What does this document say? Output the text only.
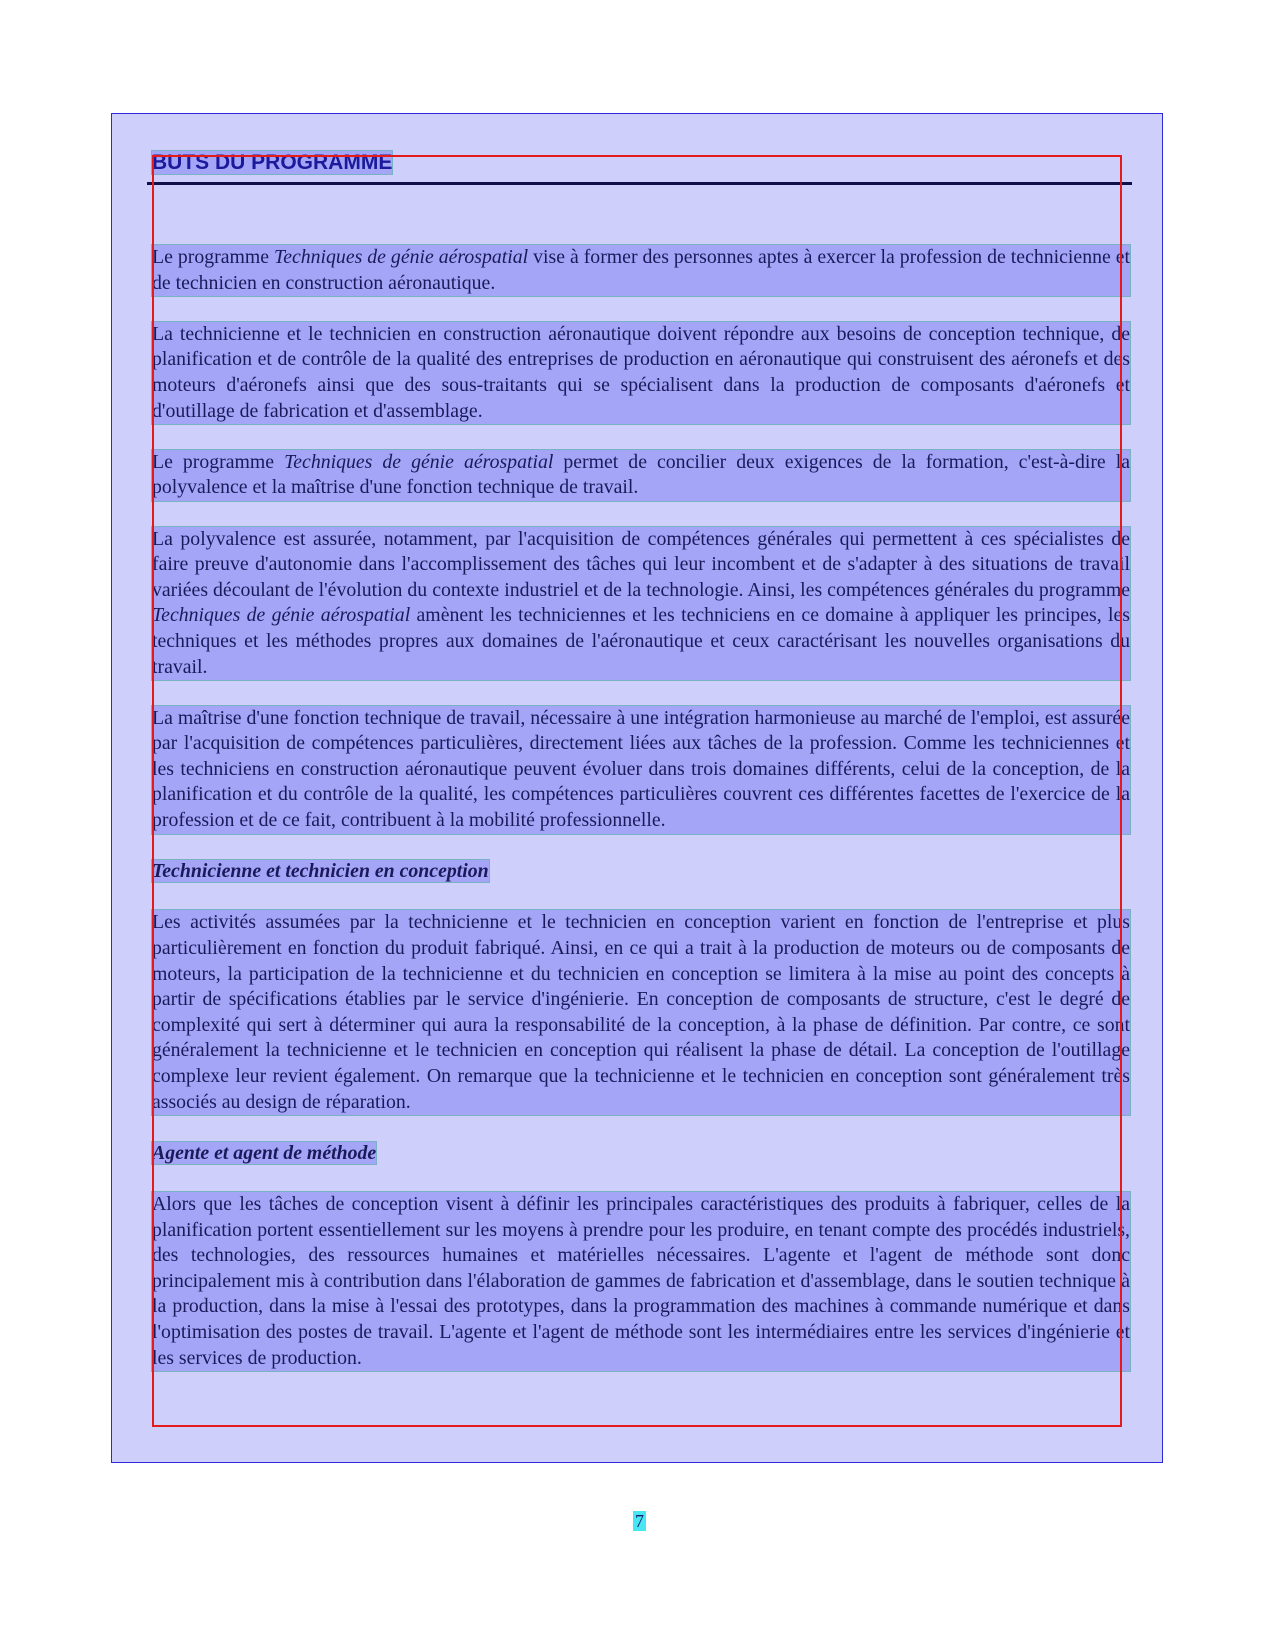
BUTS DU PROGRAMME

Le programme Techniques de génie aérospatial vise à former des personnes aptes à exercer la profession de technicienne et de technicien en construction aéronautique.

La technicienne et le technicien en construction aéronautique doivent répondre aux besoins de conception technique, de planification et de contrôle de la qualité des entreprises de production en aéronautique qui construisent des aéronefs et des moteurs d'aéronefs ainsi que des sous-traitants qui se spécialisent dans la production de composants d'aéronefs et d'outillage de fabrication et d'assemblage.

Le programme Techniques de génie aérospatial permet de concilier deux exigences de la formation, c'est-à-dire la polyvalence et la maîtrise d'une fonction technique de travail.

La polyvalence est assurée, notamment, par l'acquisition de compétences générales qui permettent à ces spécialistes de faire preuve d'autonomie dans l'accomplissement des tâches qui leur incombent et de s'adapter à des situations de travail variées découlant de l'évolution du contexte industriel et de la technologie. Ainsi, les compétences générales du programme Techniques de génie aérospatial amènent les techniciennes et les techniciens en ce domaine à appliquer les principes, les techniques et les méthodes propres aux domaines de l'aéronautique et ceux caractérisant les nouvelles organisations du travail.

La maîtrise d'une fonction technique de travail, nécessaire à une intégration harmonieuse au marché de l'emploi, est assurée par l'acquisition de compétences particulières, directement liées aux tâches de la profession. Comme les techniciennes et les techniciens en construction aéronautique peuvent évoluer dans trois domaines différents, celui de la conception, de la planification et du contrôle de la qualité, les compétences particulières couvrent ces différentes facettes de l'exercice de la profession et de ce fait, contribuent à la mobilité professionnelle.

Technicienne et technicien en conception

Les activités assumées par la technicienne et le technicien en conception varient en fonction de l'entreprise et plus particulièrement en fonction du produit fabriqué. Ainsi, en ce qui a trait à la production de moteurs ou de composants de moteurs, la participation de la technicienne et du technicien en conception se limitera à la mise au point des concepts à partir de spécifications établies par le service d'ingénierie. En conception de composants de structure, c'est le degré de complexité qui sert à déterminer qui aura la responsabilité de la conception, à la phase de définition. Par contre, ce sont généralement la technicienne et le technicien en conception qui réalisent la phase de détail. La conception de l'outillage complexe leur revient également. On remarque que la technicienne et le technicien en conception sont généralement très associés au design de réparation.

Agente et agent de méthode

Alors que les tâches de conception visent à définir les principales caractéristiques des produits à fabriquer, celles de la planification portent essentiellement sur les moyens à prendre pour les produire, en tenant compte des procédés industriels, des technologies, des ressources humaines et matérielles nécessaires. L'agente et l'agent de méthode sont donc principalement mis à contribution dans l'élaboration de gammes de fabrication et d'assemblage, dans le soutien technique à la production, dans la mise à l'essai des prototypes, dans la programmation des machines à commande numérique et dans l'optimisation des postes de travail. L'agente et l'agent de méthode sont les intermédiaires entre les services d'ingénierie et les services de production.

7
